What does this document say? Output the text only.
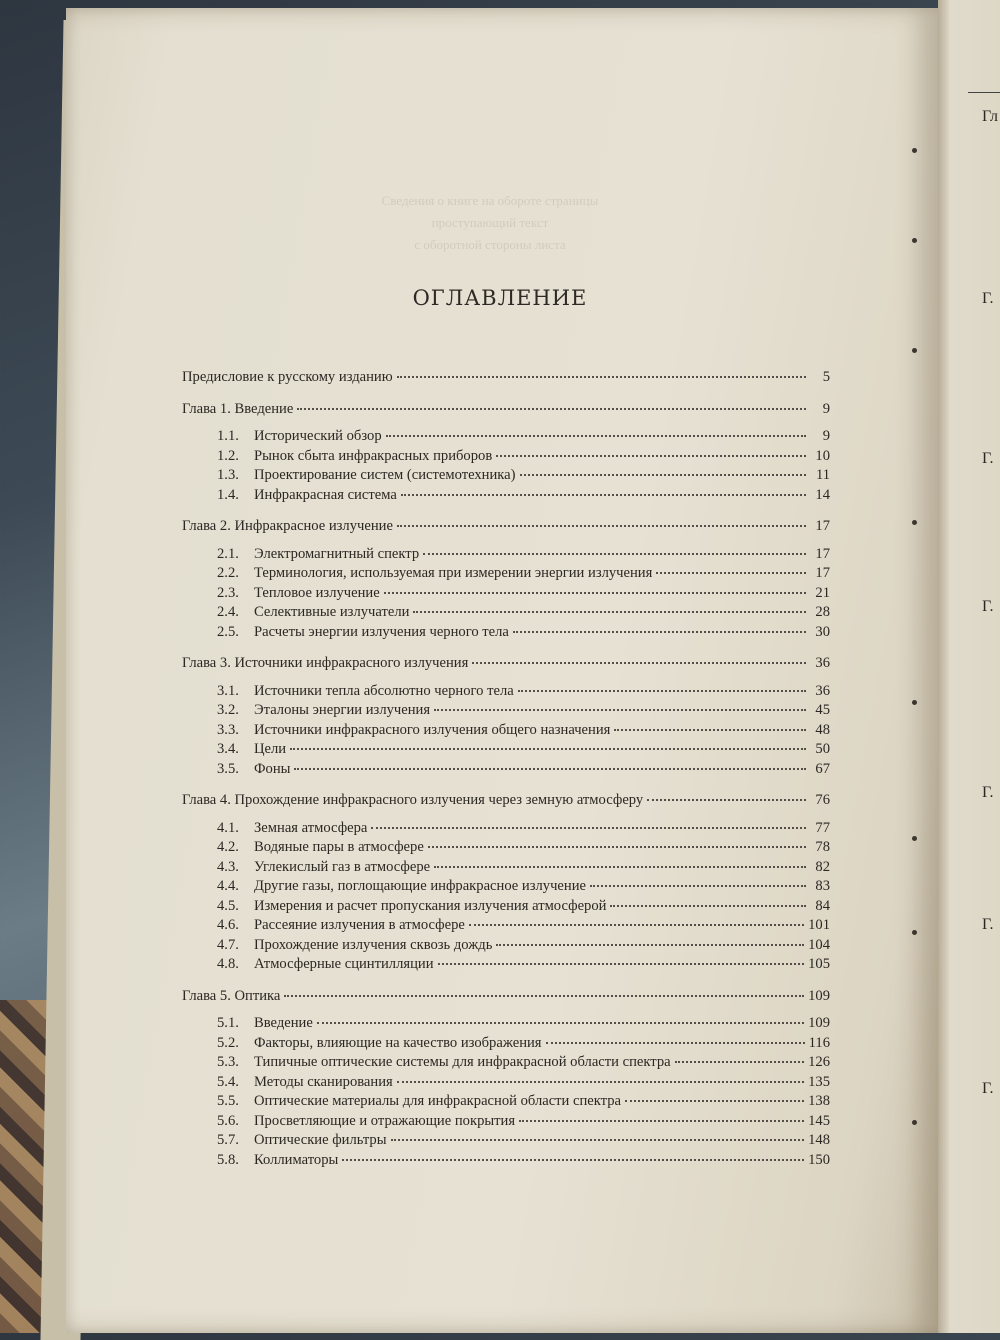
Гл
Г.
Г.
Г.
Г.
Г.
Г.
Сведения о книге на обороте страницы
проступающий текст
с оборотной стороны листа
ОГЛАВЛЕНИЕ
Предисловие к русскому изданию	5
Глава 1. Введение	9
1.1. Исторический обзор	9
1.2. Рынок сбыта инфракрасных приборов	10
1.3. Проектирование систем (системотехника)	11
1.4. Инфракрасная система	14
Глава 2. Инфракрасное излучение	17
2.1. Электромагнитный спектр	17
2.2. Терминология, используемая при измерении энергии излучения	17
2.3. Тепловое излучение	21
2.4. Селективные излучатели	28
2.5. Расчеты энергии излучения черного тела	30
Глава 3. Источники инфракрасного излучения	36
3.1. Источники тепла абсолютно черного тела	36
3.2. Эталоны энергии излучения	45
3.3. Источники инфракрасного излучения общего назначения	48
3.4. Цели	50
3.5. Фоны	67
Глава 4. Прохождение инфракрасного излучения через земную атмосферу	76
4.1. Земная атмосфера	77
4.2. Водяные пары в атмосфере	78
4.3. Углекислый газ в атмосфере	82
4.4. Другие газы, поглощающие инфракрасное излучение	83
4.5. Измерения и расчет пропускания излучения атмосферой	84
4.6. Рассеяние излучения в атмосфере	101
4.7. Прохождение излучения сквозь дождь	104
4.8. Атмосферные сцинтилляции	105
Глава 5. Оптика	109
5.1. Введение	109
5.2. Факторы, влияющие на качество изображения	116
5.3. Типичные оптические системы для инфракрасной области спектра	126
5.4. Методы сканирования	135
5.5. Оптические материалы для инфракрасной области спектра	138
5.6. Просветляющие и отражающие покрытия	145
5.7. Оптические фильтры	148
5.8. Коллиматоры	150
